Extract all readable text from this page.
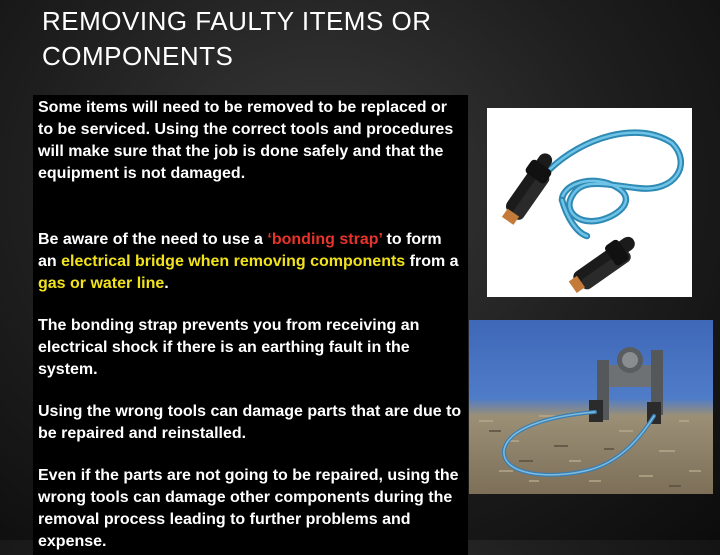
REMOVING FAULTY ITEMS OR COMPONENTS

Some items will need to be removed to be replaced or to be serviced. Using the correct tools and procedures will make sure that the job is done safely and that the equipment is not damaged.

Be aware of the need to use a ‘bonding strap’ to form an electrical bridge when removing components from a gas or water line.

The bonding strap prevents you from receiving an electrical shock if there is an earthing fault in the system.

Using the wrong tools can damage parts that are due to be repaired and reinstalled.

Even if the parts are not going to be repaired, using the wrong tools can damage other components during the removal process leading to further problems and expense.
